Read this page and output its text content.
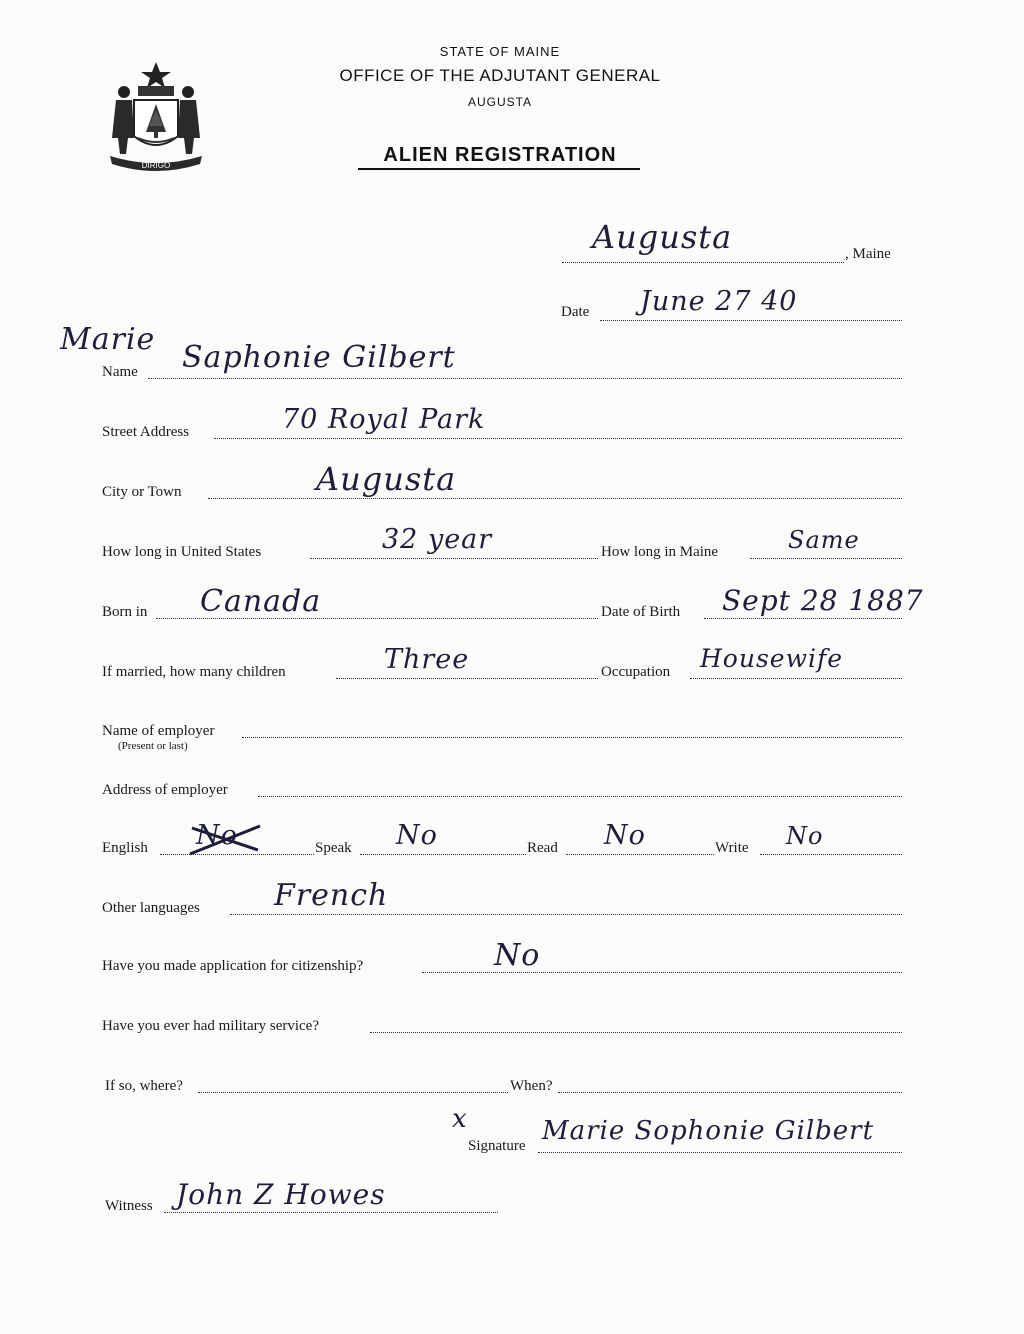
DIRIGO
STATE OF MAINE
OFFICE OF THE ADJUTANT GENERAL
AUGUSTA
ALIEN REGISTRATION
, Maine
Augusta
Date June 27 40
Marie
Name Saphonie Gilbert
Street Address	70 Royal Park
City or Town	Augusta
How long in United States	32 year	How long in Maine	Same
Born in Canada	Date of Birth Sept 28 1887
If married, how many children	Three	Occupation Housewife
Name of employer
(Present or last)
Address of employer
English No	Speak No	Read No	Write No
Other languages French
Have you made application for citizenship?	No
Have you ever had military service?
If so, where?	When?
x
Signature Marie Sophonie Gilbert
Witness John Z Howes
